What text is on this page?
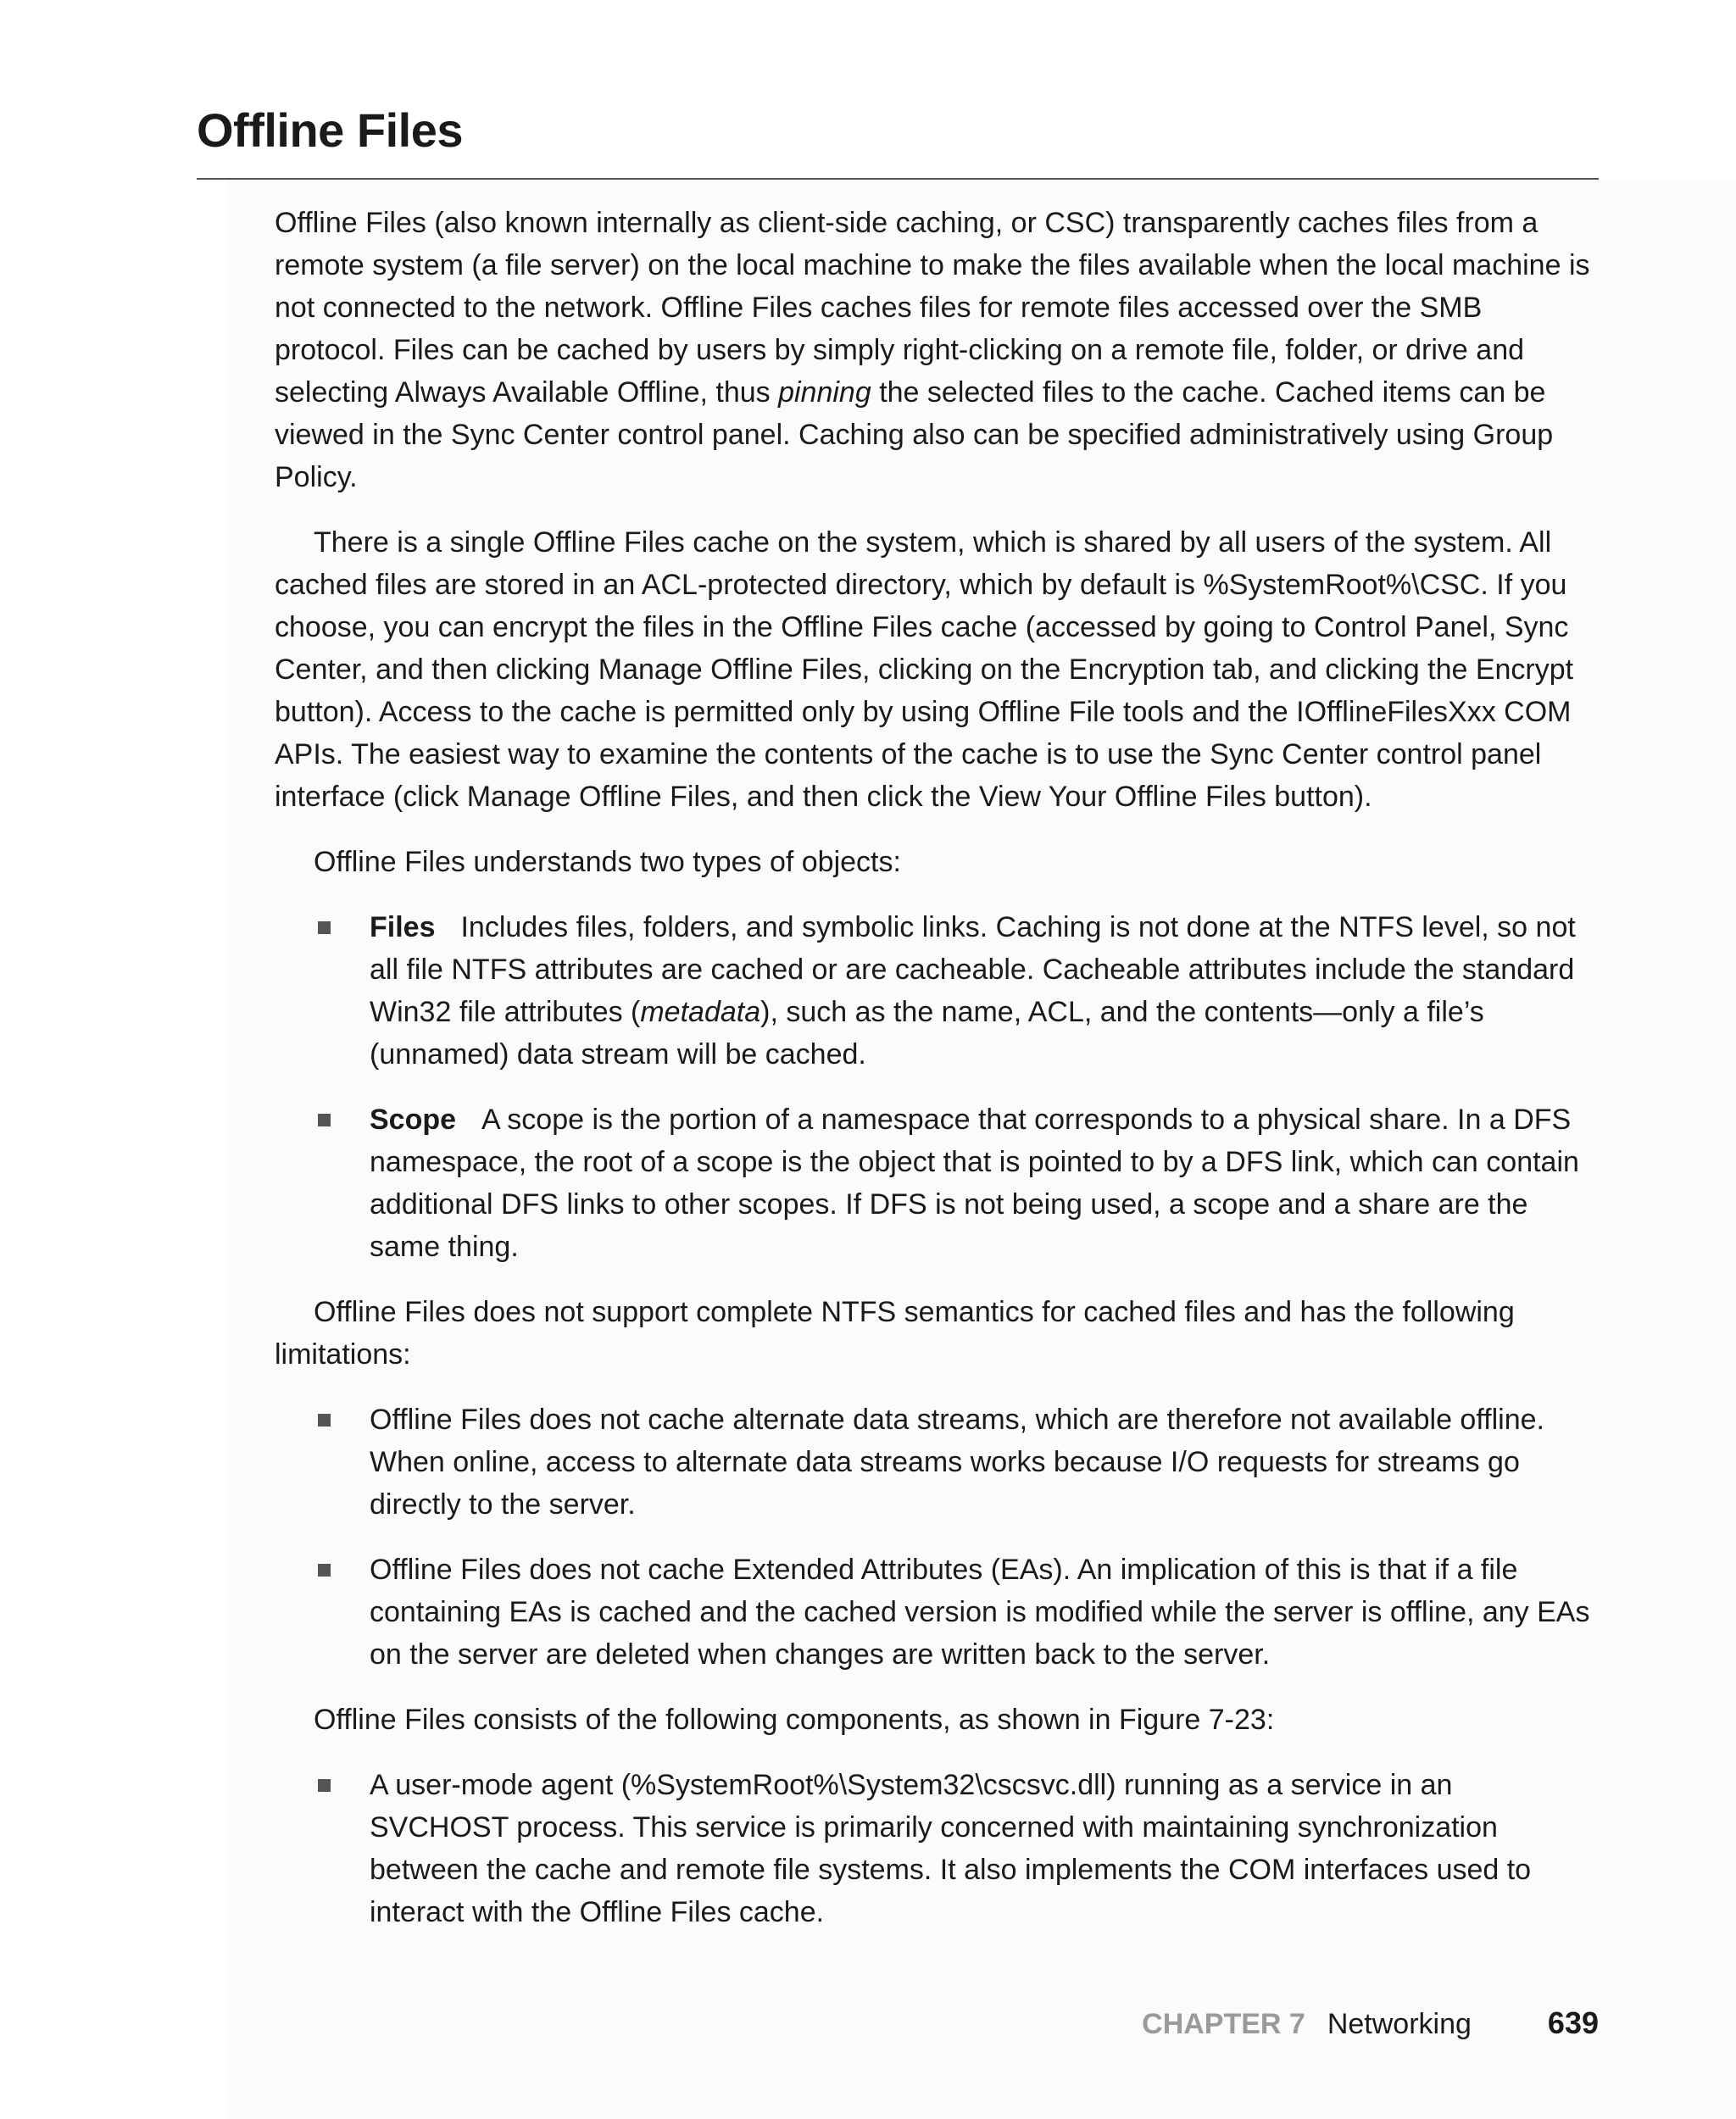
Offline Files

Offline Files (also known internally as client-side caching, or CSC) transparently caches files from a remote system (a file server) on the local machine to make the files available when the local machine is not connected to the network. Offline Files caches files for remote files accessed over the SMB protocol. Files can be cached by users by simply right-clicking on a remote file, folder, or drive and selecting Always Available Offline, thus pinning the selected files to the cache. Cached items can be viewed in the Sync Center control panel. Caching also can be specified administratively using Group Policy.

There is a single Offline Files cache on the system, which is shared by all users of the system. All cached files are stored in an ACL-protected directory, which by default is %SystemRoot%\CSC. If you choose, you can encrypt the files in the Offline Files cache (accessed by going to Control Panel, Sync Center, and then clicking Manage Offline Files, clicking on the Encryption tab, and clicking the Encrypt button). Access to the cache is permitted only by using Offline File tools and the IOfflineFilesXxx COM APIs. The easiest way to examine the contents of the cache is to use the Sync Center control panel interface (click Manage Offline Files, and then click the View Your Offline Files button).

Offline Files understands two types of objects:

Files Includes files, folders, and symbolic links. Caching is not done at the NTFS level, so not all file NTFS attributes are cached or are cacheable. Cacheable attributes include the standard Win32 file attributes (metadata), such as the name, ACL, and the contents—only a file’s (unnamed) data stream will be cached.
Scope A scope is the portion of a namespace that corresponds to a physical share. In a DFS namespace, the root of a scope is the object that is pointed to by a DFS link, which can contain additional DFS links to other scopes. If DFS is not being used, a scope and a share are the same thing.

Offline Files does not support complete NTFS semantics for cached files and has the following limitations:

Offline Files does not cache alternate data streams, which are therefore not available offline. When online, access to alternate data streams works because I/O requests for streams go directly to the server.
Offline Files does not cache Extended Attributes (EAs). An implication of this is that if a file containing EAs is cached and the cached version is modified while the server is offline, any EAs on the server are deleted when changes are written back to the server.

Offline Files consists of the following components, as shown in Figure 7-23:

A user-mode agent (%SystemRoot%\System32\cscsvc.dll) running as a service in an SVCHOST process. This service is primarily concerned with maintaining synchronization between the cache and remote file systems. It also implements the COM interfaces used to interact with the Offline Files cache.
CHAPTER 7 Networking	639
